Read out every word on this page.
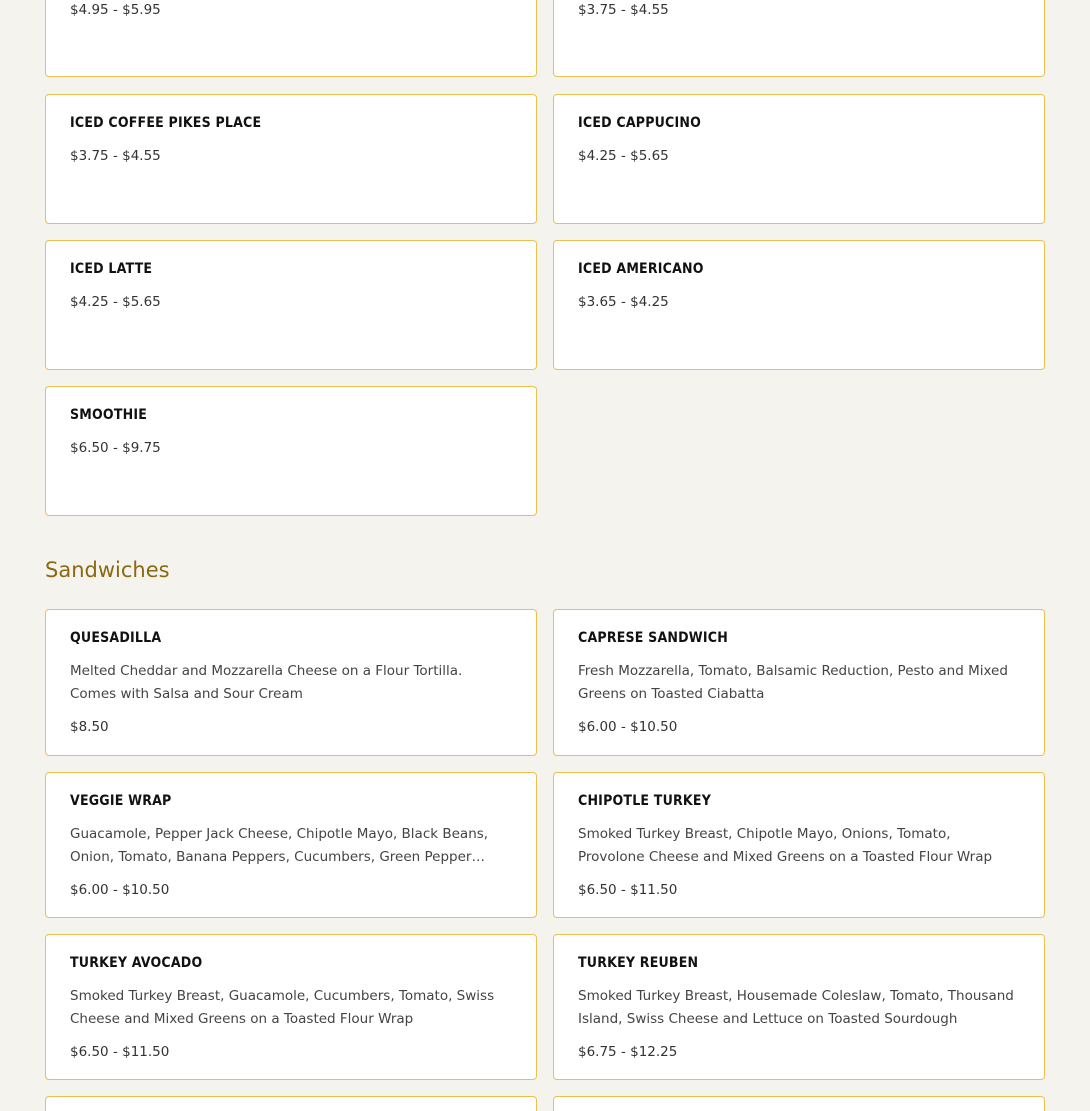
$4.95 - $5.95	$3.75 - $4.55
ICED COFFEE PIKES PLACE
$3.75 - $4.55
ICED CAPPUCINO
$4.25 - $5.65
ICED LATTE
$4.25 - $5.65
ICED AMERICANO
$3.65 - $4.25
SMOOTHIE
$6.50 - $9.75
Sandwiches
QUESADILLA
Melted Cheddar and Mozzarella Cheese on a Flour Tortilla. Comes with Salsa and Sour Cream
$8.50
CAPRESE SANDWICH
Fresh Mozzarella, Tomato, Balsamic Reduction, Pesto and Mixed Greens on Toasted Ciabatta
$6.00 - $10.50
VEGGIE WRAP
Guacamole, Pepper Jack Cheese, Chipotle Mayo, Black Beans, Onion, Tomato, Banana Peppers, Cucumbers, Green Pepper
$6.00 - $10.50
CHIPOTLE TURKEY
Smoked Turkey Breast, Chipotle Mayo, Onions, Tomato, Provolone Cheese and Mixed Greens on a Toasted Flour Wrap
$6.50 - $11.50
TURKEY AVOCADO
Smoked Turkey Breast, Guacamole, Cucumbers, Tomato, Swiss Cheese and Mixed Greens on a Toasted Flour Wrap
$6.50 - $11.50
TURKEY REUBEN
Smoked Turkey Breast, Housemade Coleslaw, Tomato, Thousand Island, Swiss Cheese and Lettuce on Toasted Sourdough
$6.75 - $12.25
